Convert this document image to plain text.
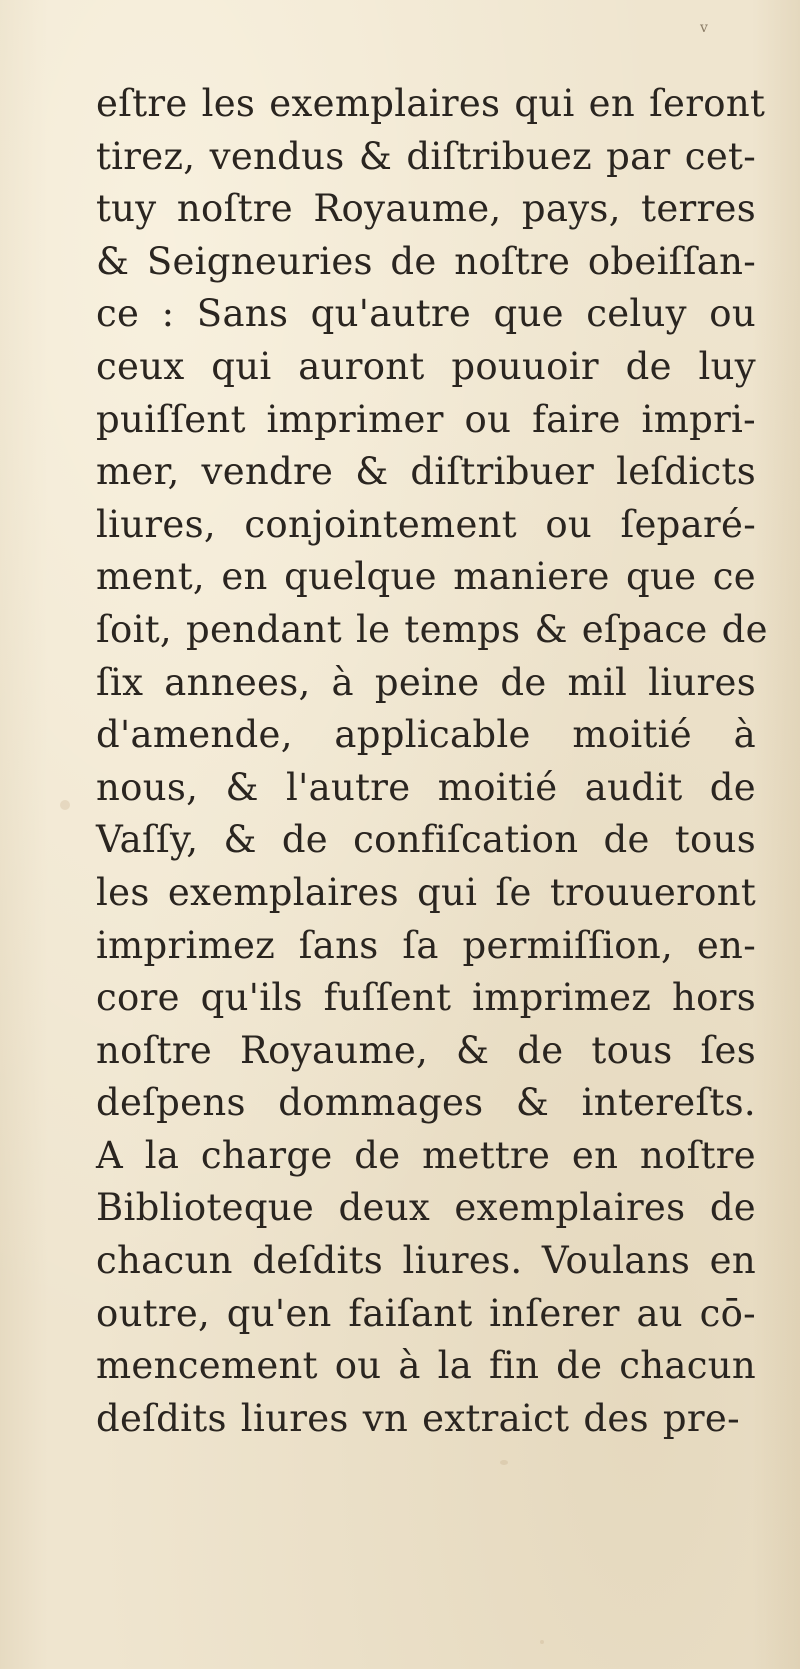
v
eſtre les exemplaires qui en ſeront
tirez, vendus & diſtribuez par cet-
tuy noſtre Royaume, pays, terres
& Seigneuries de noſtre obeiſſan-
ce : Sans qu'autre que celuy ou
ceux qui auront pouuoir de luy
puiſſent imprimer ou faire impri-
mer, vendre & diſtribuer leſdicts
liures, conjointement ou ſeparé-
ment, en quelque maniere que ce
ſoit, pendant le temps & eſpace de
ſix annees, à peine de mil liures
d'amende, applicable moitié à
nous, & l'autre moitié audit de
Vaſſy, & de confiſcation de tous
les exemplaires qui ſe trouueront
imprimez ſans ſa permiſſion, en-
core qu'ils fuſſent imprimez hors
noſtre Royaume, & de tous ſes
deſpens dommages & intereſts.
A la charge de mettre en noſtre
Biblioteque deux exemplaires de
chacun deſdits liures. Voulans en
outre, qu'en faiſant inſerer au cō-
mencement ou à la fin de chacun
deſdits liures vn extraict des pre-
